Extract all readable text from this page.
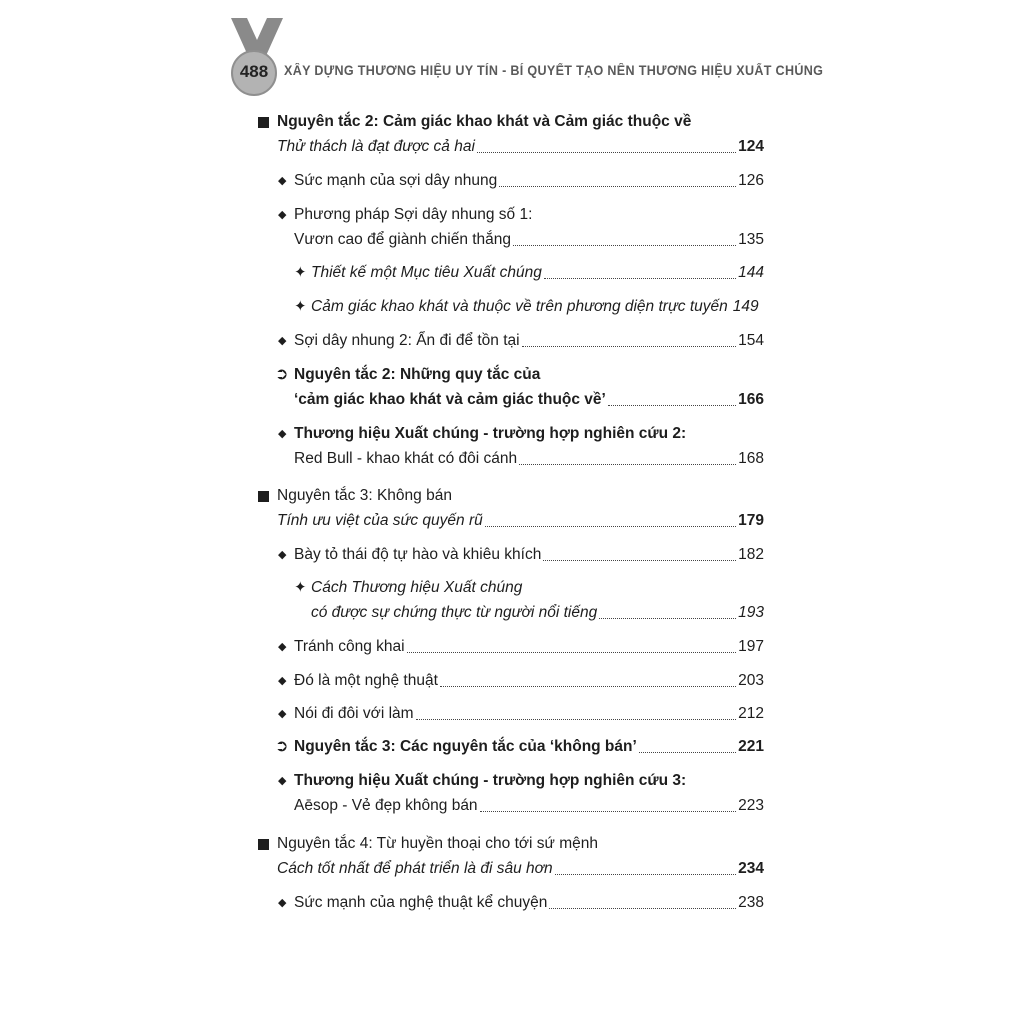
488	XÂY DỰNG THƯƠNG HIỆU UY TÍN - BÍ QUYẾT TẠO NÊN THƯƠNG HIỆU XUẤT CHÚNG
Nguyên tắc 2: Cảm giác khao khát và Cảm giác thuộc về
Thử thách là đạt được cả hai	124
◆ Sức mạnh của sợi dây nhung	126
◆ Phương pháp Sợi dây nhung số 1:
Vươn cao để giành chiến thắng	135
✦ Thiết kế một Mục tiêu Xuất chúng	144
✦ Cảm giác khao khát và thuộc về trên phương diện trực tuyến 149
◆ Sợi dây nhung 2: Ẩn đi để tồn tại	154
➲ Nguyên tắc 2: Những quy tắc của
‘cảm giác khao khát và cảm giác thuộc về’	166
◆ Thương hiệu Xuất chúng - trường hợp nghiên cứu 2:
Red Bull - khao khát có đôi cánh	168
Nguyên tắc 3: Không bán
Tính ưu việt của sức quyến rũ	179
◆ Bày tỏ thái độ tự hào và khiêu khích	182
✦ Cách Thương hiệu Xuất chúng
có được sự chứng thực từ người nổi tiếng	193
◆ Tránh công khai	197
◆ Đó là một nghệ thuật	203
◆ Nói đi đôi với làm	212
➲ Nguyên tắc 3: Các nguyên tắc của ‘không bán’	221
◆ Thương hiệu Xuất chúng - trường hợp nghiên cứu 3:
Aēsop - Vẻ đẹp không bán	223
Nguyên tắc 4: Từ huyền thoại cho tới sứ mệnh
Cách tốt nhất để phát triển là đi sâu hơn	234
◆ Sức mạnh của nghệ thuật kể chuyện	238
